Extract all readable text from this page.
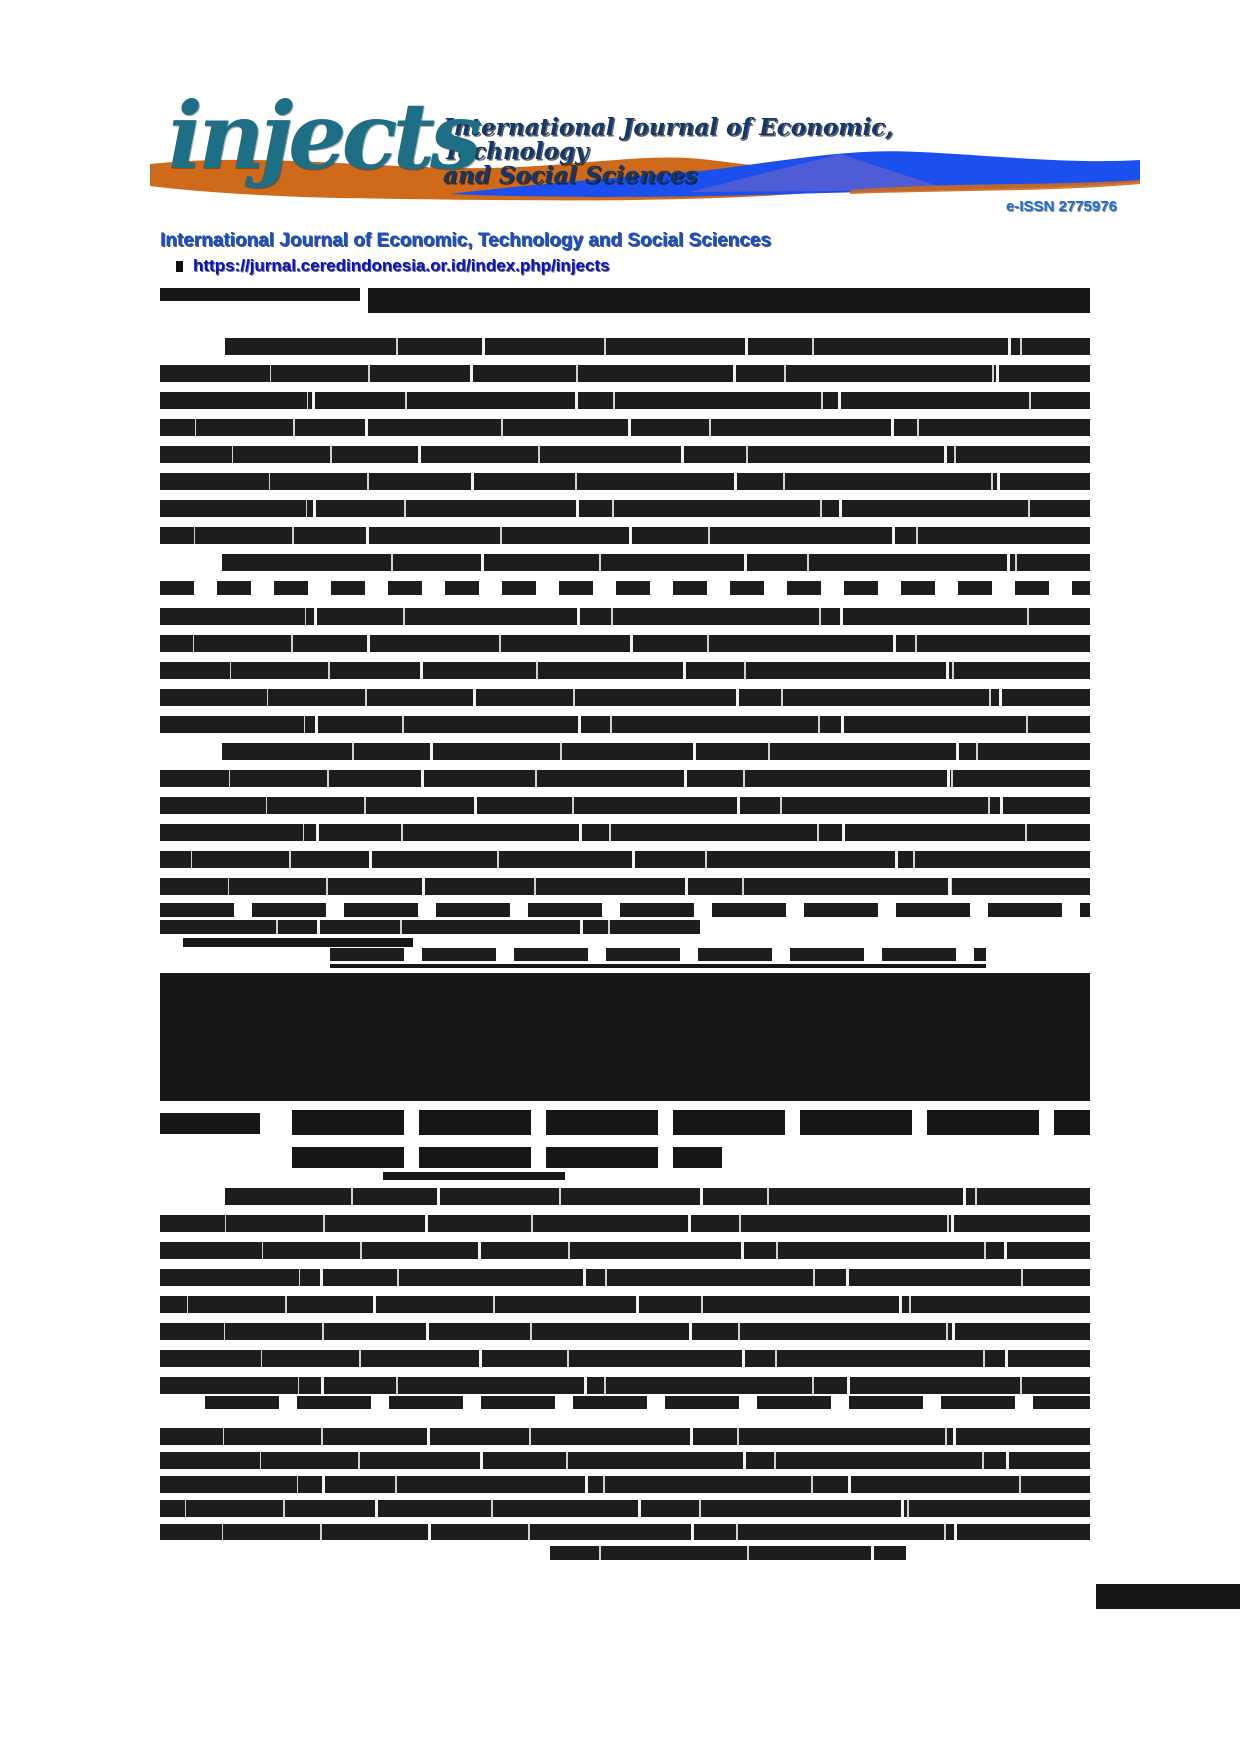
injects
International Journal of Economic, Technology
and Social Sciences
e-ISSN 2775976
International Journal of Economic, Technology and Social Sciences
https://jurnal.ceredindonesia.or.id/index.php/injects
